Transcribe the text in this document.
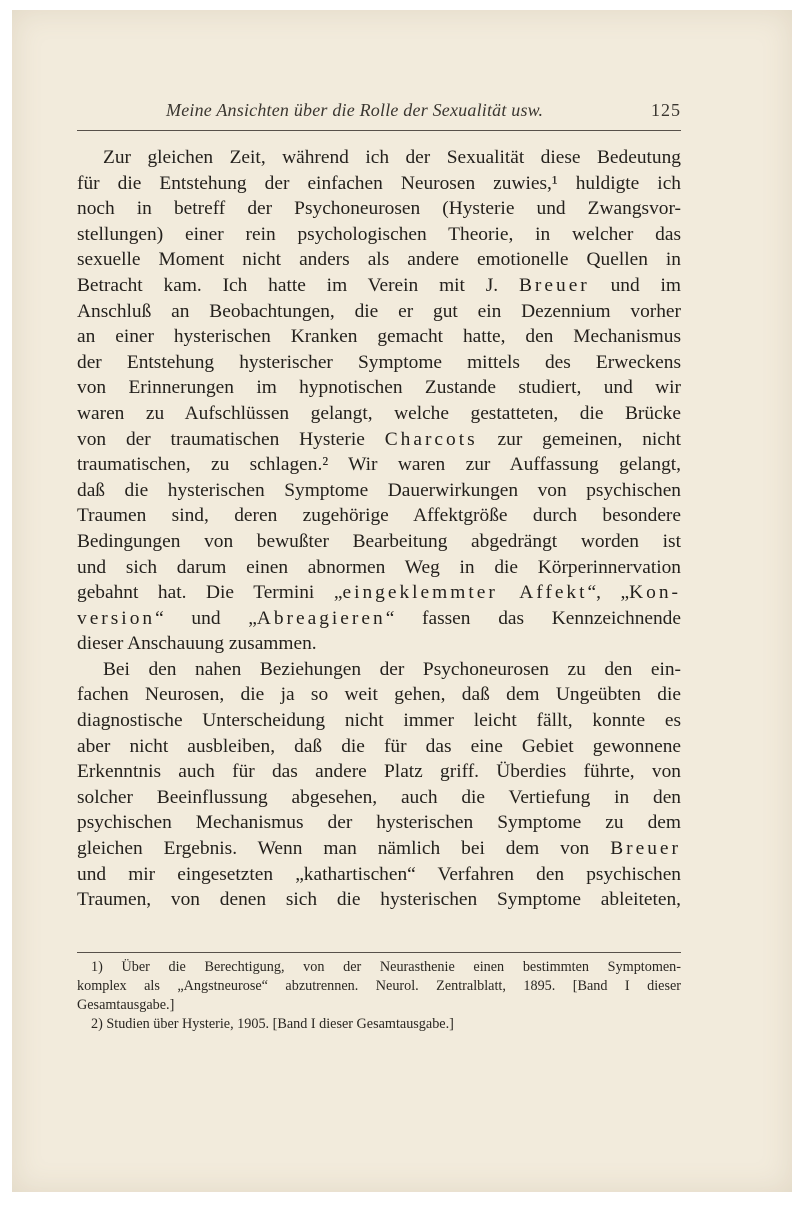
Meine Ansichten über die Rolle der Sexualität usw.	125
Zur gleichen Zeit, während ich der Sexualität diese Bedeutung
für die Entstehung der einfachen Neurosen zuwies,¹ huldigte ich
noch in betreff der Psychoneurosen (Hysterie und Zwangsvor-
stellungen) einer rein psychologischen Theorie, in welcher das
sexuelle Moment nicht anders als andere emotionelle Quellen in
Betracht kam. Ich hatte im Verein mit J. Breuer und im
Anschluß an Beobachtungen, die er gut ein Dezennium vorher
an einer hysterischen Kranken gemacht hatte, den Mechanismus
der Entstehung hysterischer Symptome mittels des Erweckens
von Erinnerungen im hypnotischen Zustande studiert, und wir
waren zu Aufschlüssen gelangt, welche gestatteten, die Brücke
von der traumatischen Hysterie Charcots zur gemeinen, nicht
traumatischen, zu schlagen.² Wir waren zur Auffassung gelangt,
daß die hysterischen Symptome Dauerwirkungen von psychischen
Traumen sind, deren zugehörige Affektgröße durch besondere
Bedingungen von bewußter Bearbeitung abgedrängt worden ist
und sich darum einen abnormen Weg in die Körperinnervation
gebahnt hat. Die Termini „eingeklemmter Affekt“, „Kon-
version“ und „Abreagieren“ fassen das Kennzeichnende
dieser Anschauung zusammen.
Bei den nahen Beziehungen der Psychoneurosen zu den ein-
fachen Neurosen, die ja so weit gehen, daß dem Ungeübten die
diagnostische Unterscheidung nicht immer leicht fällt, konnte es
aber nicht ausbleiben, daß die für das eine Gebiet gewonnene
Erkenntnis auch für das andere Platz griff. Überdies führte, von
solcher Beeinflussung abgesehen, auch die Vertiefung in den
psychischen Mechanismus der hysterischen Symptome zu dem
gleichen Ergebnis. Wenn man nämlich bei dem von Breuer
und mir eingesetzten „kathartischen“ Verfahren den psychischen
Traumen, von denen sich die hysterischen Symptome ableiteten,
1) Über die Berechtigung, von der Neurasthenie einen bestimmten Symptomen-
komplex als „Angstneurose“ abzutrennen. Neurol. Zentralblatt, 1895. [Band I dieser
Gesamtausgabe.]
2) Studien über Hysterie, 1905. [Band I dieser Gesamtausgabe.]
